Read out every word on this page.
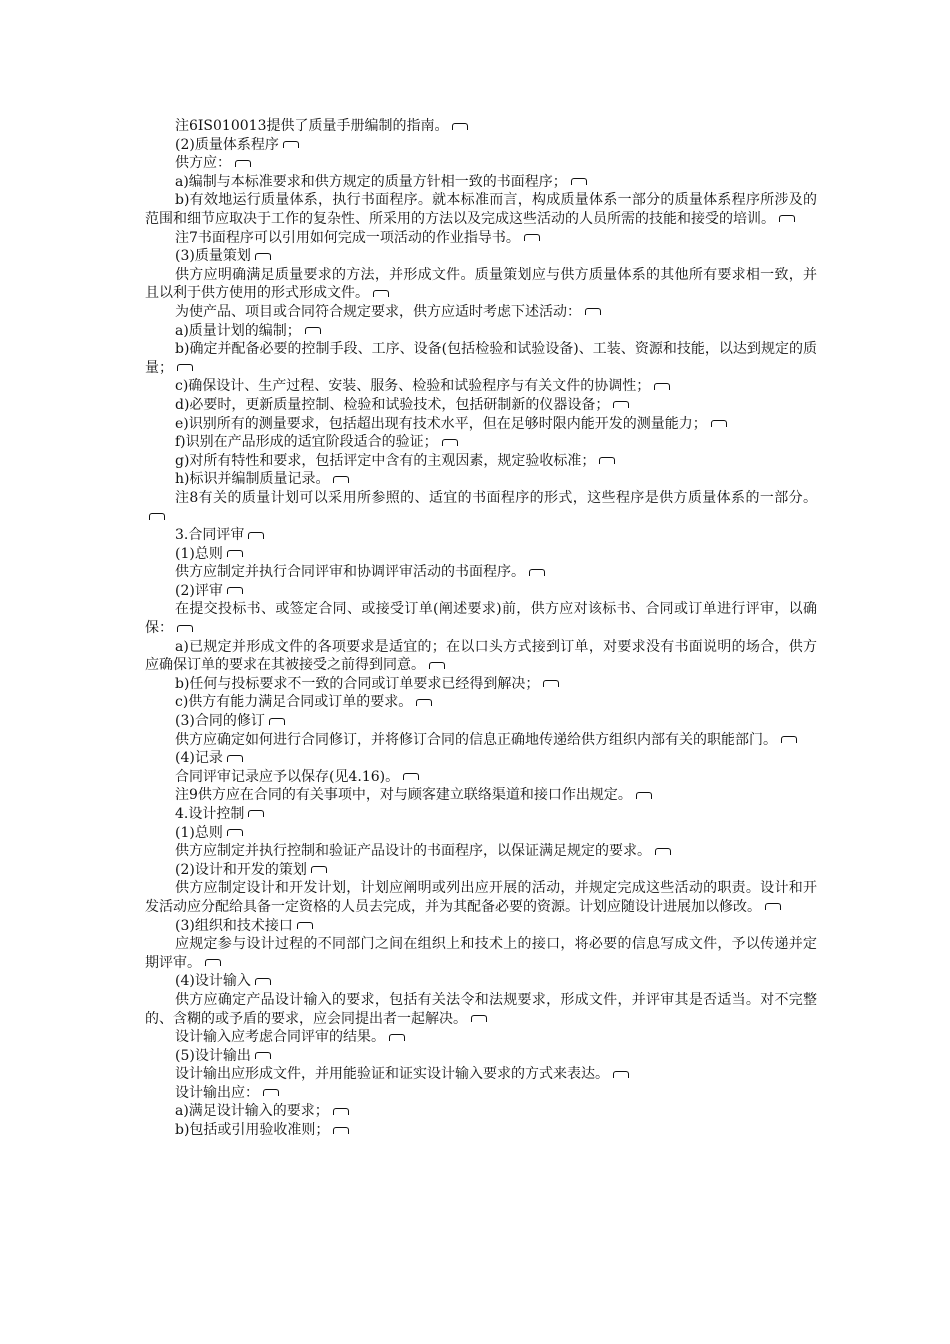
注6IS010013提供了质量手册编制的指南。

(2)质量体系程序

供方应：

a)编制与本标准要求和供方规定的质量方针相一致的书面程序；

b)有效地运行质量体系，执行书面程序。就本标准而言，构成质量体系一部分的质量体系程序所涉及的范围和细节应取决于工作的复杂性、所采用的方法以及完成这些活动的人员所需的技能和接受的培训。

注7书面程序可以引用如何完成一项活动的作业指导书。

(3)质量策划

供方应明确满足质量要求的方法，并形成文件。质量策划应与供方质量体系的其他所有要求相一致，并且以利于供方使用的形式形成文件。

为使产品、项目或合同符合规定要求，供方应适时考虑下述活动：

a)质量计划的编制；

b)确定并配备必要的控制手段、工序、设备(包括检验和试验设备)、工装、资源和技能，以达到规定的质量；

c)确保设计、生产过程、安装、服务、检验和试验程序与有关文件的协调性；

d)必要时，更新质量控制、检验和试验技术，包括研制新的仪器设备；

e)识别所有的测量要求，包括超出现有技术水平，但在足够时限内能开发的测量能力；

f)识别在产品形成的适宜阶段适合的验证；

g)对所有特性和要求，包括评定中含有的主观因素，规定验收标准；

h)标识并编制质量记录。

注8有关的质量计划可以采用所参照的、适宜的书面程序的形式，这些程序是供方质量体系的一部分。

3.合同评审

(1)总则

供方应制定并执行合同评审和协调评审活动的书面程序。

(2)评审

在提交投标书、或签定合同、或接受订单(阐述要求)前，供方应对该标书、合同或订单进行评审，以确保：

a)已规定并形成文件的各项要求是适宜的；在以口头方式接到订单，对要求没有书面说明的场合，供方应确保订单的要求在其被接受之前得到同意。

b)任何与投标要求不一致的合同或订单要求已经得到解决；

c)供方有能力满足合同或订单的要求。

(3)合同的修订

供方应确定如何进行合同修订，并将修订合同的信息正确地传递给供方组织内部有关的职能部门。

(4)记录

合同评审记录应予以保存(见4.16)。

注9供方应在合同的有关事项中，对与顾客建立联络渠道和接口作出规定。

4.设计控制

(1)总则

供方应制定并执行控制和验证产品设计的书面程序，以保证满足规定的要求。

(2)设计和开发的策划

供方应制定设计和开发计划，计划应阐明或列出应开展的活动，并规定完成这些活动的职责。设计和开发活动应分配给具备一定资格的人员去完成，并为其配备必要的资源。计划应随设计进展加以修改。

(3)组织和技术接口

应规定参与设计过程的不同部门之间在组织上和技术上的接口，将必要的信息写成文件，予以传递并定期评审。

(4)设计输入

供方应确定产品设计输入的要求，包括有关法令和法规要求，形成文件，并评审其是否适当。对不完整的、含糊的或予盾的要求，应会同提出者一起解决。

设计输入应考虑合同评审的结果。

(5)设计输出

设计输出应形成文件，并用能验证和证实设计输入要求的方式来表达。

设计输出应：

a)满足设计输入的要求；

b)包括或引用验收准则；
